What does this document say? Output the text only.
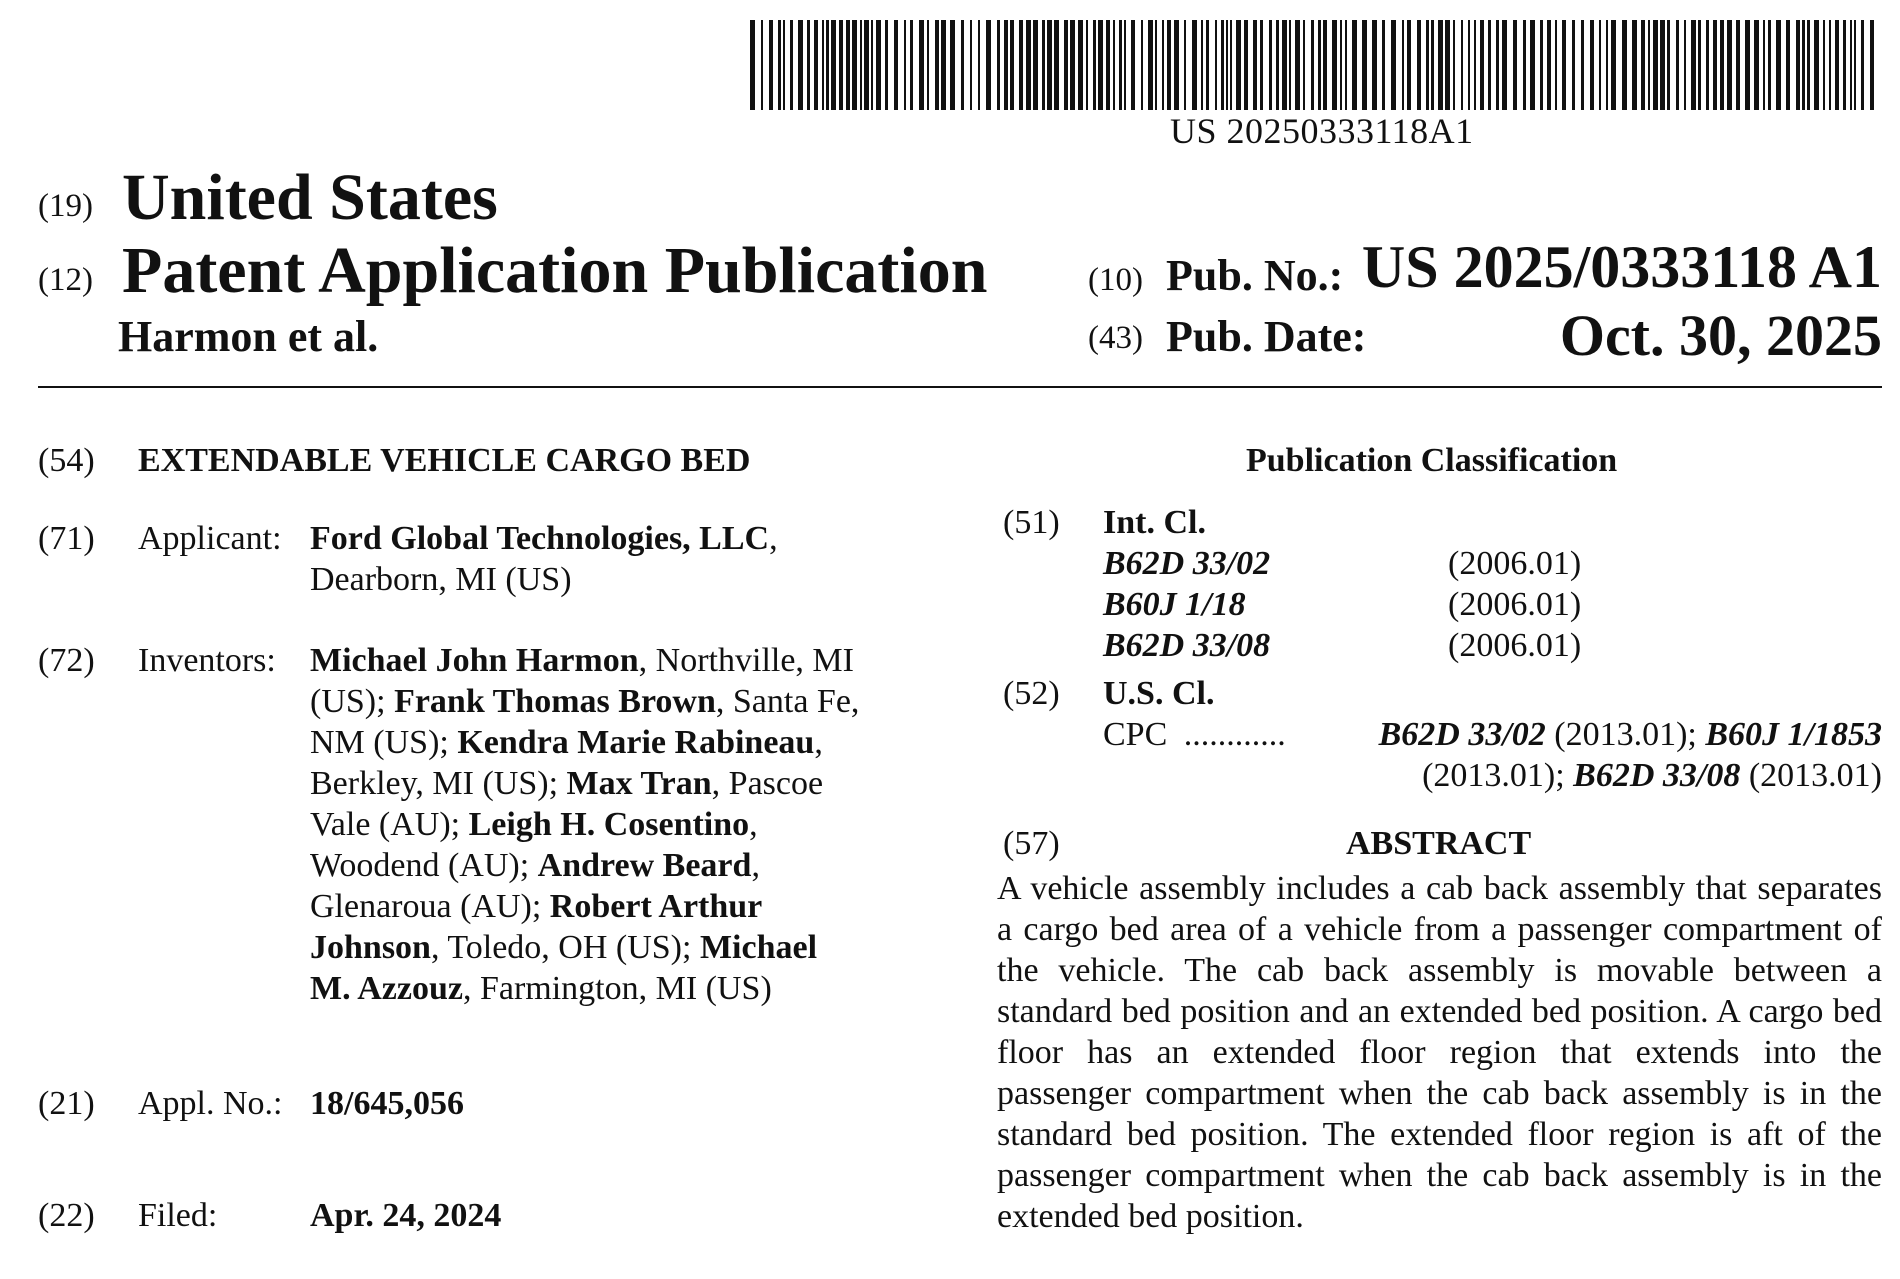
US 20250333118A1
(19) United States
(12) Patent Application Publication
Harmon et al.
(10) Pub. No.: US 2025/0333118 A1
(43) Pub. Date:	Oct. 30, 2025
(54) EXTENDABLE VEHICLE CARGO BED
(71) Applicant: Ford Global Technologies, LLC,
Dearborn, MI (US)
(72) Inventors: Michael John Harmon, Northville, MI
(US); Frank Thomas Brown, Santa Fe,
NM (US); Kendra Marie Rabineau,
Berkley, MI (US); Max Tran, Pascoe
Vale (AU); Leigh H. Cosentino,
Woodend (AU); Andrew Beard,
Glenaroua (AU); Robert Arthur
Johnson, Toledo, OH (US); Michael
M. Azzouz, Farmington, MI (US)
(21) Appl. No.: 18/645,056
(22) Filed:	Apr. 24, 2024
Publication Classification
(51) Int. Cl.
B62D 33/02	(2006.01)
B60J 1/18	(2006.01)
B62D 33/08	(2006.01)
(52) U.S. Cl.
CPC ............	B62D 33/02 (2013.01); B60J 1/1853
(2013.01); B62D 33/08 (2013.01)
(57)	ABSTRACT
A vehicle assembly includes a cab back assembly that separates a cargo bed area of a vehicle from a passenger compartment of the vehicle. The cab back assembly is movable between a standard bed position and an extended bed position. A cargo bed floor has an extended floor region that extends into the passenger compartment when the cab back assembly is in the standard bed position. The extended floor region is aft of the passenger compartment when the cab back assembly is in the extended bed position.
